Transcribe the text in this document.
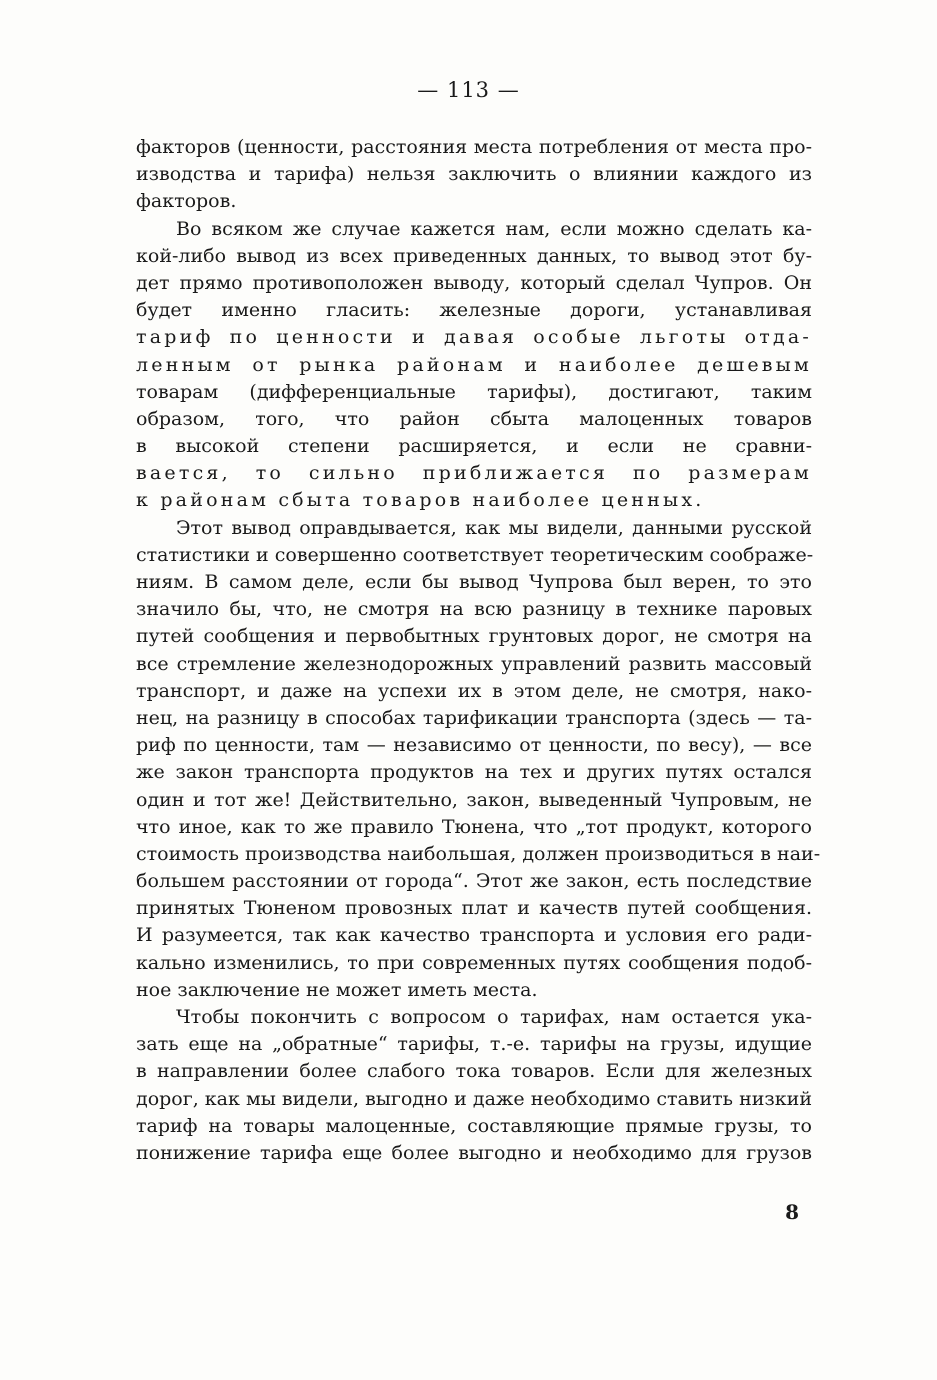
— 113 —
факторов (ценности, расстояния места потребления от места про-
изводства и тарифа) нельзя заключить о влиянии каждого из
факторов.
Во всяком же случае кажется нам, если можно сделать ка-
кой-либо вывод из всех приведенных данных, то вывод этот бу-
дет прямо противоположен выводу, который сделал Чупров. Он
будет именно гласить: железные дороги, устанавливая
тариф по ценности и давая особые льготы отда-
ленным от рынка районам и наиболее дешевым
товарам (дифференциальные тарифы), достигают, таким
образом, того, что район сбыта малоценных товаров
в высокой степени расширяется, и если не сравни-
вается, то сильно приближается по размерам
к районам сбыта товаров наиболее ценных.
Этот вывод оправдывается, как мы видели, данными русской
статистики и совершенно соответствует теоретическим соображе-
ниям. В самом деле, если бы вывод Чупрова был верен, то это
значило бы, что, не смотря на всю разницу в технике паровых
путей сообщения и первобытных грунтовых дорог, не смотря на
все стремление железнодорожных управлений развить массовый
транспорт, и даже на успехи их в этом деле, не смотря, нако-
нец, на разницу в способах тарификации транспорта (здесь — та-
риф по ценности, там — независимо от ценности, по весу), — все
же закон транспорта продуктов на тех и других путях остался
один и тот же! Действительно, закон, выведенный Чупровым, не
что иное, как то же правило Тюнена, что „тот продукт, которого
стоимость производства наибольшая, должен производиться в наи-
большем расстоянии от города“. Этот же закон, есть последствие
принятых Тюненом провозных плат и качеств путей сообщения.
И разумеется, так как качество транспорта и условия его ради-
кально изменились, то при современных путях сообщения подоб-
ное заключение не может иметь места.
Чтобы покончить с вопросом о тарифах, нам остается ука-
зать еще на „обратные“ тарифы, т.-е. тарифы на грузы, идущие
в направлении более слабого тока товаров. Если для железных
дорог, как мы видели, выгодно и даже необходимо ставить низкий
тариф на товары малоценные, составляющие прямые грузы, то
понижение тарифа еще более выгодно и необходимо для грузов
8
